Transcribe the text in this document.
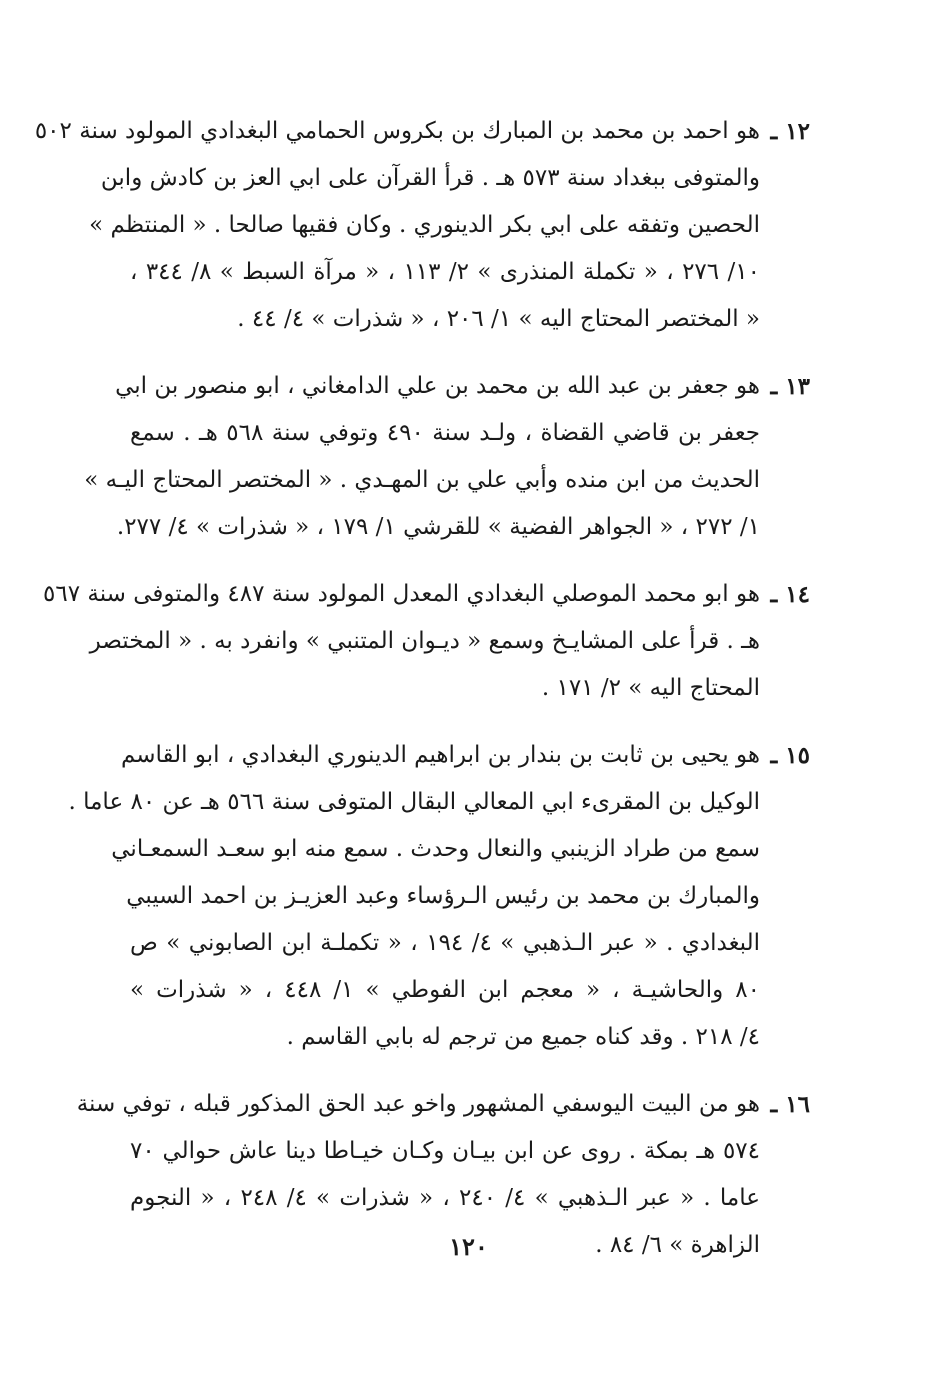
١٢ ـ
هو احمد بن محمد بن المبارك بن بكروس الحمامي البغدادي المولود سنة ٥٠٢
والمتوفى ببغداد سنة ٥٧٣ هـ . قرأ القرآن على ابي العز بن كادش وابن
الحصين وتفقه على ابي بكر الدينوري . وكان فقيها صالحا . « المنتظم »
١٠/ ٢٧٦ ، « تكملة المنذرى » ٢/ ١١٣ ، « مرآة السبط » ٨/ ٣٤٤ ،
« المختصر المحتاج اليه » ١/ ٢٠٦ ، « شذرات » ٤/ ٤٤ .
١٣ ـ
هو جعفر بن عبد الله بن محمد بن علي الدامغاني ، ابو منصور بن ابي
جعفر بن قاضي القضاة ، ولـد سنة ٤٩٠ وتوفي سنة ٥٦٨ هـ . سمع
الحديث من ابن منده وأبي علي بن المهـدي . « المختصر المحتاج اليـه »
١/ ٢٧٢ ، « الجواهر الفضية » للقرشي ١/ ١٧٩ ، « شذرات » ٤/ ٢٧٧.
١٤ ـ
هو ابو محمد الموصلي البغدادي المعدل المولود سنة ٤٨٧ والمتوفى سنة ٥٦٧
هـ . قرأ على المشايـخ وسمع « ديـوان المتنبي » وانفرد به . « المختصر
المحتاج اليه » ٢/ ١٧١ .
١٥ ـ
هو يحيى بن ثابت بن بندار بن ابراهيم الدينوري البغدادي ، ابو القاسم
الوكيل بن المقرىء ابي المعالي البقال المتوفى سنة ٥٦٦ هـ عن ٨٠ عاما .
سمع من طراد الزينبي والنعال وحدث . سمع منه ابو سعـد السمعـاني
والمبارك بن محمد بن رئيس الـرؤساء وعبد العزيـز بن احمد السيبي
البغدادي . « عبر الـذهبي » ٤/ ١٩٤ ، « تكملـة ابن الصابوني » ص
٨٠ والحاشيـة ، « معجم ابن الفوطي » ١/ ٤٤٨ ، « شذرات »
٤/ ٢١٨ . وقد كناه جميع من ترجم له بابي القاسم .
١٦ ـ
هو من البيت اليوسفي المشهور واخو عبد الحق المذكور قبله ، توفي سنة
٥٧٤ هـ بمكة . روى عن ابن بيـان وكـان خيـاطا دينا عاش حوالي ٧٠
عاما . « عبر الـذهبي » ٤/ ٢٤٠ ، « شذرات » ٤/ ٢٤٨ ، « النجوم
الزاهرة » ٦/ ٨٤ .
١٢٠
